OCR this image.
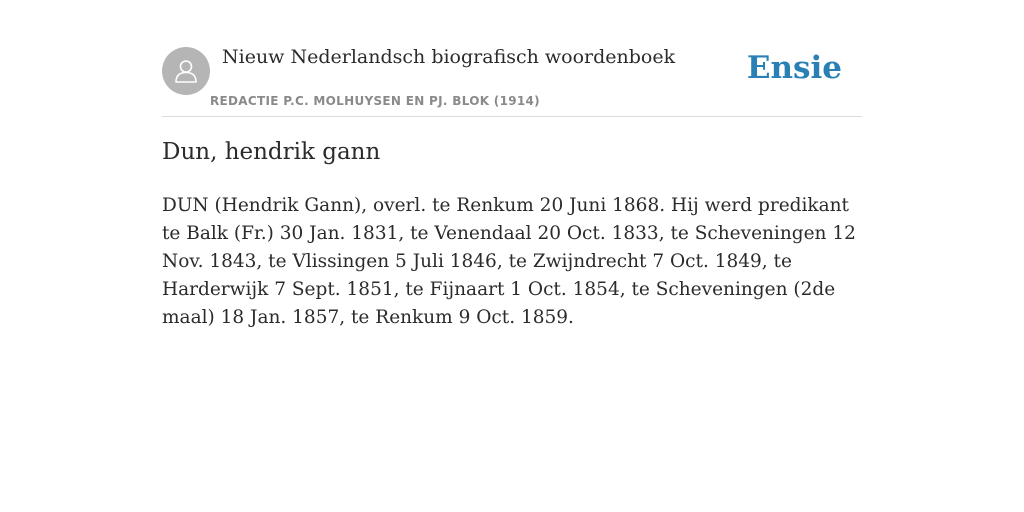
Nieuw Nederlandsch biografisch woordenboek
REDACTIE P.C. MOLHUYSEN EN PJ. BLOK (1914)
Ensie
Dun, hendrik gann

DUN (Hendrik Gann), overl. te Renkum 20 Juni 1868. Hij werd predikant te Balk (Fr.) 30 Jan. 1831, te Venendaal 20 Oct. 1833, te Scheveningen 12 Nov. 1843, te Vlissingen 5 Juli 1846, te Zwijndrecht 7 Oct. 1849, te Harderwijk 7 Sept. 1851, te Fijnaart 1 Oct. 1854, te Scheveningen (2de maal) 18 Jan. 1857, te Renkum 9 Oct. 1859.
